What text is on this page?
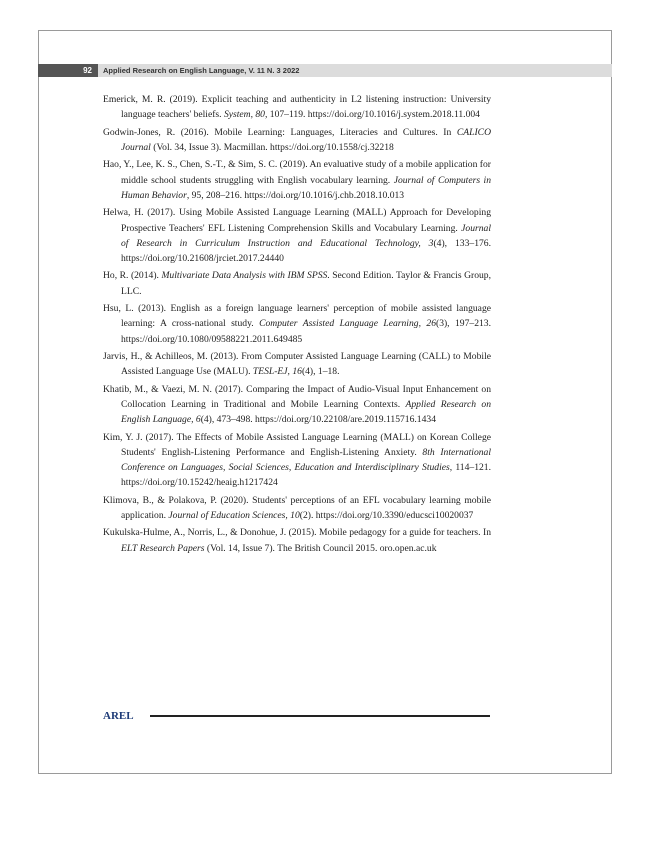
92	Applied Research on English Language, V. 11 N. 3 2022
Emerick, M. R. (2019). Explicit teaching and authenticity in L2 listening instruction: University language teachers' beliefs. System, 80, 107–119. https://doi.org/10.1016/j.system.2018.11.004
Godwin-Jones, R. (2016). Mobile Learning: Languages, Literacies and Cultures. In CALICO Journal (Vol. 34, Issue 3). Macmillan. https://doi.org/10.1558/cj.32218
Hao, Y., Lee, K. S., Chen, S.-T., & Sim, S. C. (2019). An evaluative study of a mobile application for middle school students struggling with English vocabulary learning. Journal of Computers in Human Behavior, 95, 208–216. https://doi.org/10.1016/j.chb.2018.10.013
Helwa, H. (2017). Using Mobile Assisted Language Learning (MALL) Approach for Developing Prospective Teachers' EFL Listening Comprehension Skills and Vocabulary Learning. Journal of Research in Curriculum Instruction and Educational Technology, 3(4), 133–176. https://doi.org/10.21608/jrciet.2017.24440
Ho, R. (2014). Multivariate Data Analysis with IBM SPSS. Second Edition. Taylor & Francis Group, LLC.
Hsu, L. (2013). English as a foreign language learners' perception of mobile assisted language learning: A cross-national study. Computer Assisted Language Learning, 26(3), 197–213. https://doi.org/10.1080/09588221.2011.649485
Jarvis, H., & Achilleos, M. (2013). From Computer Assisted Language Learning (CALL) to Mobile Assisted Language Use (MALU). TESL-EJ, 16(4), 1–18.
Khatib, M., & Vaezi, M. N. (2017). Comparing the Impact of Audio-Visual Input Enhancement on Collocation Learning in Traditional and Mobile Learning Contexts. Applied Research on English Language, 6(4), 473–498. https://doi.org/10.22108/are.2019.115716.1434
Kim, Y. J. (2017). The Effects of Mobile Assisted Language Learning (MALL) on Korean College Students' English-Listening Performance and English-Listening Anxiety. 8th International Conference on Languages, Social Sciences, Education and Interdisciplinary Studies, 114–121. https://doi.org/10.15242/heaig.h1217424
Klimova, B., & Polakova, P. (2020). Students' perceptions of an EFL vocabulary learning mobile application. Journal of Education Sciences, 10(2). https://doi.org/10.3390/educsci10020037
Kukulska-Hulme, A., Norris, L., & Donohue, J. (2015). Mobile pedagogy for a guide for teachers. In ELT Research Papers (Vol. 14, Issue 7). The British Council 2015. oro.open.ac.uk
AREL
